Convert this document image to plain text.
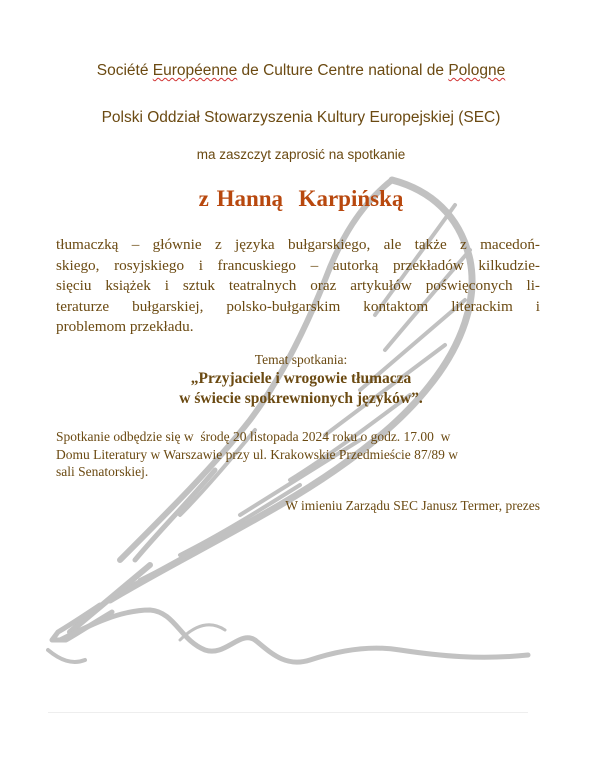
Société Européenne de Culture Centre national de Pologne
Polski Oddział Stowarzyszenia Kultury Europejskiej (SEC)
ma zaszczyt zaprosić na spotkanie
z Hanną  Karpińską
tłumaczką – głównie z języka bułgarskiego, ale także z macedoń-
skiego, rosyjskiego i francuskiego – autorką przekładów kilkudzie-
sięciu książek i sztuk teatralnych oraz artykułów poświęconych li-
teraturze bułgarskiej, polsko-bułgarskim kontaktom literackim i
problemom przekładu.
Temat spotkania:
„Przyjaciele i wrogowie tłumacza
w świecie spokrewnionych języków”.
Spotkanie odbędzie się w  środę 20 listopada 2024 roku o godz. 17.00  w
Domu Literatury w Warszawie przy ul. Krakowskie Przedmieście 87/89 w
sali Senatorskiej.
W imieniu Zarządu SEC Janusz Termer, prezes
